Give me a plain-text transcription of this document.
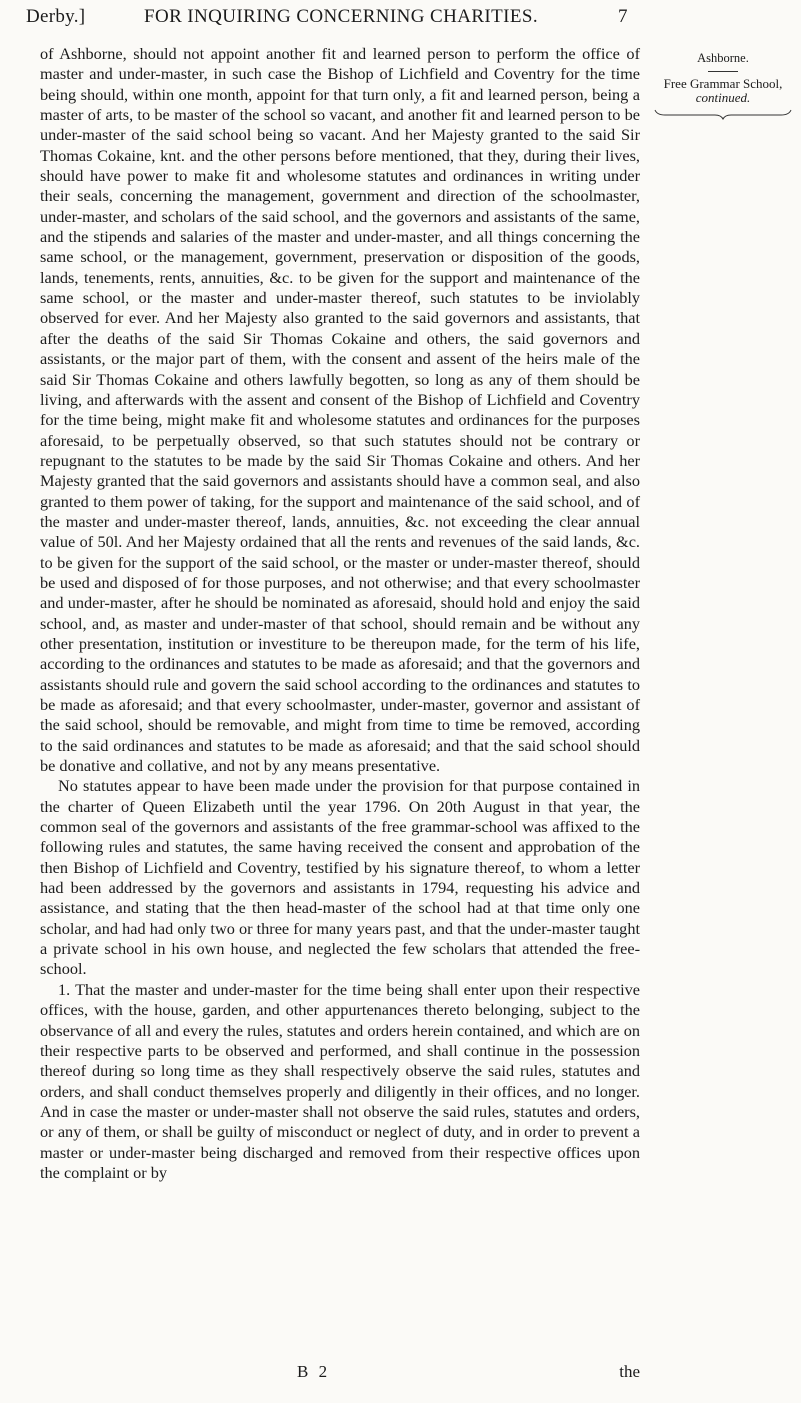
Derby.]	FOR INQUIRING CONCERNING CHARITIES.	7
Ashborne.
Free Grammar School,
continued.

of Ashborne, should not appoint another fit and learned person to perform the office of master and under-master, in such case the Bishop of Lichfield and Coventry for the time being should, within one month, appoint for that turn only, a fit and learned person, being a master of arts, to be master of the school so vacant, and another fit and learned person to be under-master of the said school being so vacant. And her Majesty granted to the said Sir Thomas Cokaine, knt. and the other persons before mentioned, that they, during their lives, should have power to make fit and wholesome statutes and ordinances in writing under their seals, concerning the management, government and direction of the schoolmaster, under-master, and scholars of the said school, and the governors and assistants of the same, and the stipends and salaries of the master and under-master, and all things concerning the same school, or the management, government, preservation or disposition of the goods, lands, tenements, rents, annuities, &c. to be given for the support and maintenance of the same school, or the master and under-master thereof, such statutes to be inviolably observed for ever. And her Majesty also granted to the said governors and assistants, that after the deaths of the said Sir Thomas Cokaine and others, the said governors and assistants, or the major part of them, with the consent and assent of the heirs male of the said Sir Thomas Cokaine and others lawfully begotten, so long as any of them should be living, and afterwards with the assent and consent of the Bishop of Lichfield and Coventry for the time being, might make fit and wholesome statutes and ordinances for the purposes aforesaid, to be perpetually observed, so that such statutes should not be contrary or repugnant to the statutes to be made by the said Sir Thomas Cokaine and others. And her Majesty granted that the said governors and assistants should have a common seal, and also granted to them power of taking, for the support and maintenance of the said school, and of the master and under-master thereof, lands, annuities, &c. not exceeding the clear annual value of 50l. And her Majesty ordained that all the rents and revenues of the said lands, &c. to be given for the support of the said school, or the master or under-master thereof, should be used and disposed of for those purposes, and not otherwise; and that every schoolmaster and under-master, after he should be nominated as aforesaid, should hold and enjoy the said school, and, as master and under-master of that school, should remain and be without any other presentation, institution or investiture to be thereupon made, for the term of his life, according to the ordinances and statutes to be made as aforesaid; and that the governors and assistants should rule and govern the said school according to the ordinances and statutes to be made as aforesaid; and that every schoolmaster, under-master, governor and assistant of the said school, should be removable, and might from time to time be removed, according to the said ordinances and statutes to be made as aforesaid; and that the said school should be donative and collative, and not by any means presentative.

No statutes appear to have been made under the provision for that purpose contained in the charter of Queen Elizabeth until the year 1796. On 20th August in that year, the common seal of the governors and assistants of the free grammar-school was affixed to the following rules and statutes, the same having received the consent and approbation of the then Bishop of Lichfield and Coventry, testified by his signature thereof, to whom a letter had been addressed by the governors and assistants in 1794, requesting his advice and assistance, and stating that the then head-master of the school had at that time only one scholar, and had had only two or three for many years past, and that the under-master taught a private school in his own house, and neglected the few scholars that attended the free-school.

1. That the master and under-master for the time being shall enter upon their respective offices, with the house, garden, and other appurtenances thereto belonging, subject to the observance of all and every the rules, statutes and orders herein contained, and which are on their respective parts to be observed and performed, and shall continue in the possession thereof during so long time as they shall respectively observe the said rules, statutes and orders, and shall conduct themselves properly and diligently in their offices, and no longer. And in case the master or under-master shall not observe the said rules, statutes and orders, or any of them, or shall be guilty of misconduct or neglect of duty, and in order to prevent a master or under-master being discharged and removed from their respective offices upon the complaint or by

B 2	the
